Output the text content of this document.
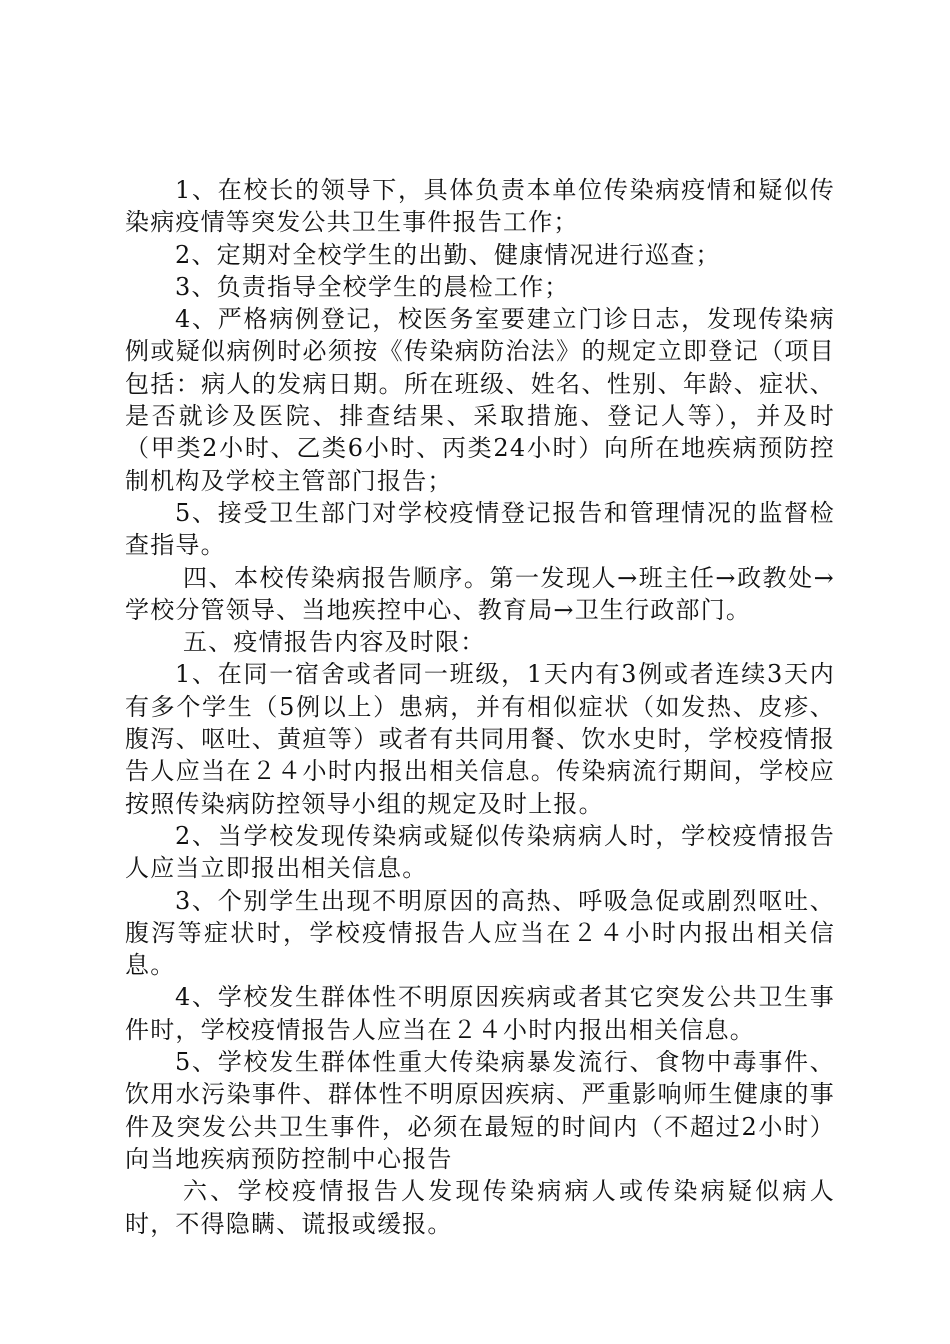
1、在校长的领导下，具体负责本单位传染病疫情和疑似传染病疫情等突发公共卫生事件报告工作；

2、定期对全校学生的出勤、健康情况进行巡查；

3、负责指导全校学生的晨检工作；

4、严格病例登记，校医务室要建立门诊日志，发现传染病例或疑似病例时必须按《传染病防治法》的规定立即登记（项目包括：病人的发病日期。所在班级、姓名、性别、年龄、症状、是否就诊及医院、排查结果、采取措施、登记人等），并及时（甲类2小时、乙类6小时、丙类24小时）向所在地疾病预防控制机构及学校主管部门报告；

5、接受卫生部门对学校疫情登记报告和管理情况的监督检查指导。

四、本校传染病报告顺序。第一发现人→班主任→政教处→学校分管领导、当地疾控中心、教育局→卫生行政部门。

五、疫情报告内容及时限：

1、在同一宿舍或者同一班级，1天内有3例或者连续3天内有多个学生（5例以上）患病，并有相似症状（如发热、皮疹、腹泻、呕吐、黄疸等）或者有共同用餐、饮水史时，学校疫情报告人应当在２４小时内报出相关信息。传染病流行期间，学校应按照传染病防控领导小组的规定及时上报。

2、当学校发现传染病或疑似传染病病人时，学校疫情报告人应当立即报出相关信息。

3、个别学生出现不明原因的高热、呼吸急促或剧烈呕吐、腹泻等症状时，学校疫情报告人应当在２４小时内报出相关信息。

4、学校发生群体性不明原因疾病或者其它突发公共卫生事件时，学校疫情报告人应当在２４小时内报出相关信息。

5、学校发生群体性重大传染病暴发流行、食物中毒事件、饮用水污染事件、群体性不明原因疾病、严重影响师生健康的事件及突发公共卫生事件，必须在最短的时间内（不超过2小时）向当地疾病预防控制中心报告

六、学校疫情报告人发现传染病病人或传染病疑似病人时，不得隐瞒、谎报或缓报。
